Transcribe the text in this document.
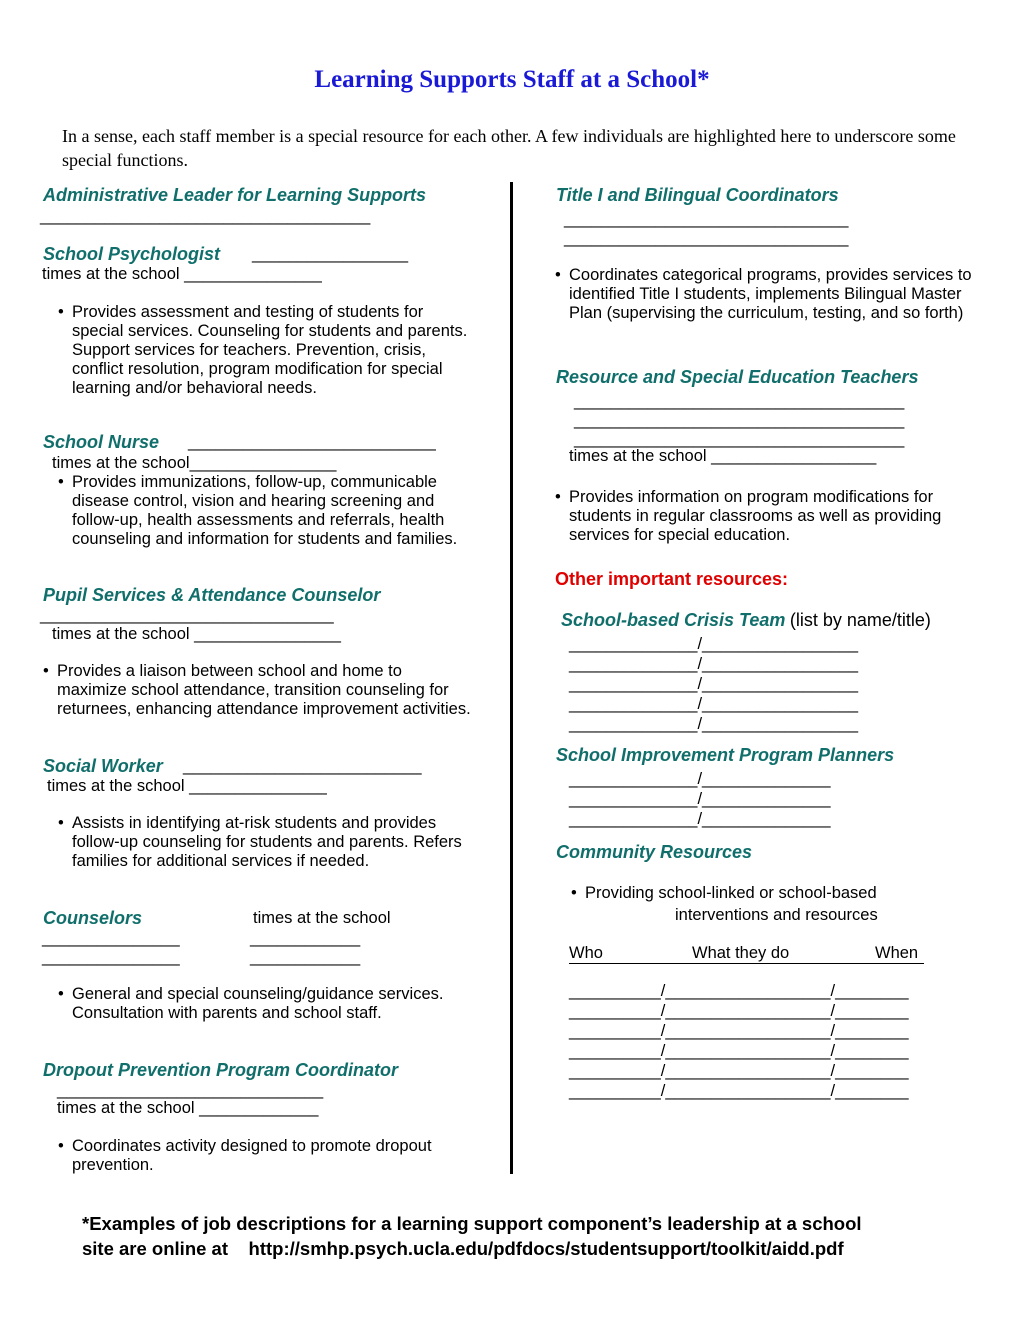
Learning Supports Staff at a School*
In a sense, each staff member is a special resource for each other. A few individuals are highlighted here to underscore some special functions.
Administrative Leader for Learning Supports
____________________________________
School Psychologist _________________
times at the school _______________
• Provides assessment and testing of students for special services. Counseling for students and parents. Support services for teachers. Prevention, crisis, conflict resolution, program modification for special learning and/or behavioral needs.
School Nurse ___________________________
times at the school________________
• Provides immunizations, follow-up, communicable disease control, vision and hearing screening and follow-up, health assessments and referrals, health counseling and information for students and families.
Pupil Services & Attendance Counselor
________________________________
times at the school ________________
• Provides a liaison between school and home to maximize school attendance, transition counseling for returnees, enhancing attendance improvement activities.
Social Worker __________________________
times at the school _______________
• Assists in identifying at-risk students and provides follow-up counseling for students and parents. Refers families for additional services if needed.
Counselors	times at the school
_______________	____________
_______________	____________
• General and special counseling/guidance services. Consultation with parents and school staff.
Dropout Prevention Program Coordinator
_____________________________
times at the school _____________
• Coordinates activity designed to promote dropout prevention.
Title I and Bilingual Coordinators
_______________________________
_______________________________
• Coordinates categorical programs, provides services to identified Title I students, implements Bilingual Master Plan (supervising the curriculum, testing, and so forth)
Resource and Special Education Teachers
____________________________________
____________________________________
____________________________________
times at the school __________________
• Provides information on program modifications for students in regular classrooms as well as providing services for special education.
Other important resources:
School-based Crisis Team (list by name/title)
______________/_________________
______________/_________________
______________/_________________
______________/_________________
______________/_________________
School Improvement Program Planners
______________/______________
______________/______________
______________/______________
Community Resources
• Providing school-linked or school-based
interventions and resources
Who	What they do	When
__________/__________________/________
__________/__________________/________
__________/__________________/________
__________/__________________/________
__________/__________________/________
__________/__________________/________
*Examples of job descriptions for a learning support component’s leadership at a school
site are online at    http://smhp.psych.ucla.edu/pdfdocs/studentsupport/toolkit/aidd.pdf
